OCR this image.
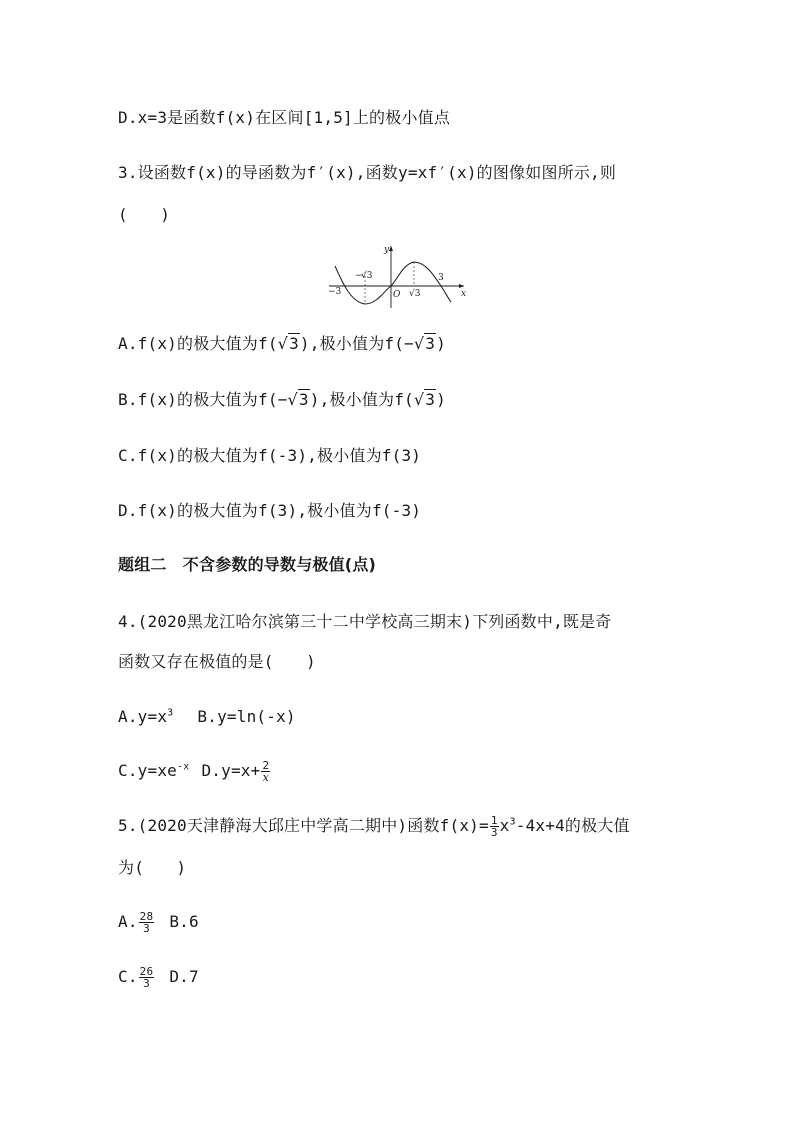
D.x=3是函数f(x)在区间[1,5]上的极小值点
3.设函数f(x)的导函数为f′(x),函数y=xf′(x)的图像如图所示,则
(　　)
y
x
O
−3
−
√3
√3
3
A.f(x)的极大值为f(√3),极小值为f(−√3)
B.f(x)的极大值为f(−√3),极小值为f(√3)
C.f(x)的极大值为f(-3),极小值为f(3)
D.f(x)的极大值为f(3),极小值为f(-3)
题组二　不含参数的导数与极值(点)
4.(2020黑龙江哈尔滨第三十二中学校高三期末)下列函数中,既是奇
函数又存在极值的是(　　)
$A.y=x^3$ B.y=ln(-x)
$C.y=xe^{-x}$ $D.y=x+ \frac{2}{x}$
5.(2020天津静海大邱庄中学高二期中)函数$f(x)= \frac{1}{3} x^3-4x+4$的极大值
为(　　)
A. $\frac{28}{3} B.6$
C. $\frac{26}{3} D.7$
